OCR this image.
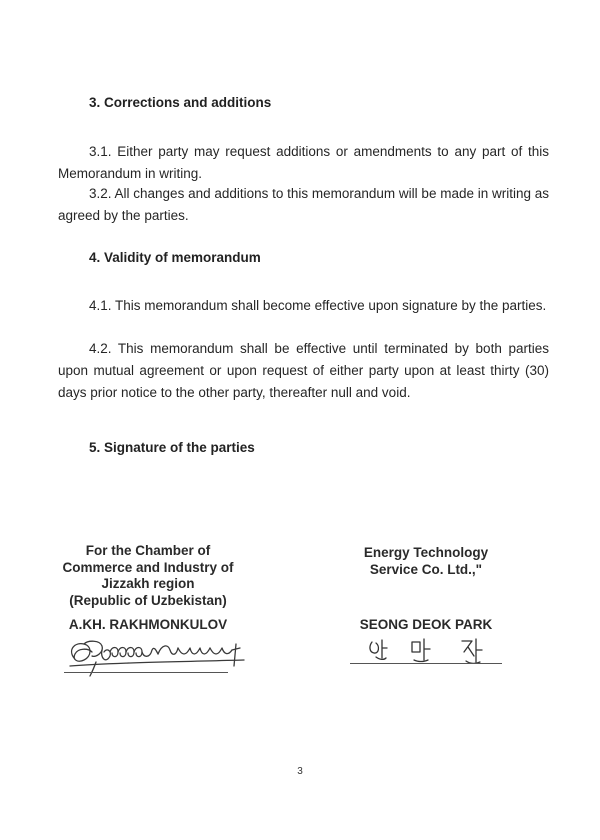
3. Corrections and additions

3.1. Either party may request additions or amendments to any part of this Memorandum in writing.

3.2. All changes and additions to this memorandum will be made in writing as agreed by the parties.

4. Validity of memorandum

4.1. This memorandum shall become effective upon signature by the parties.

4.2. This memorandum shall be effective until terminated by both parties upon mutual agreement or upon request of either party upon at least thirty (30) days prior notice to the other party, thereafter null and void.

5. Signature of the parties
For the Chamber of
Commerce and Industry of
Jizzakh region
(Republic of Uzbekistan)
A.KH. RAKHMONKULOV
Energy Technology
Service Co. Ltd.,"
SEONG DEOK PARK
3
